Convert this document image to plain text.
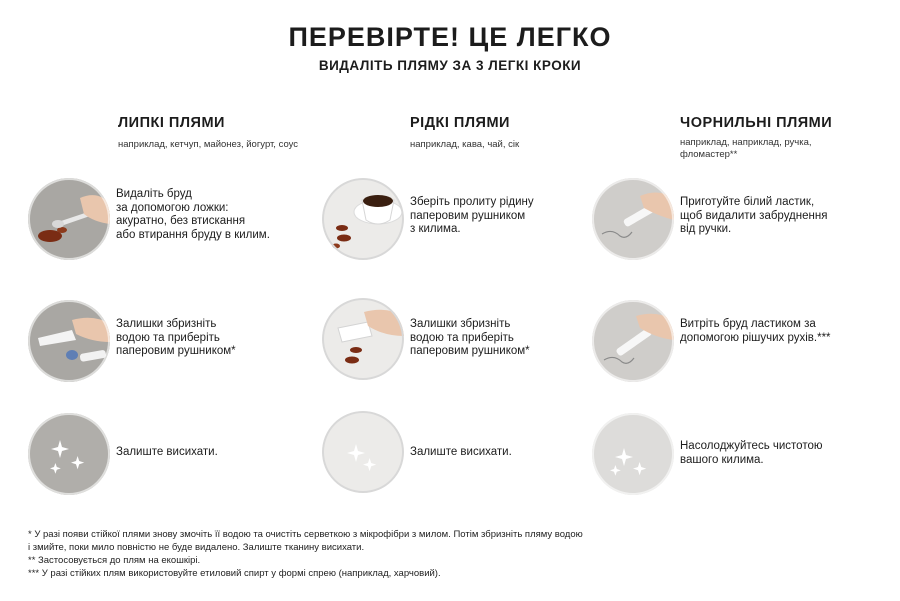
ПЕРЕВІРТЕ! ЦЕ ЛЕГКО
ВИДАЛІТЬ ПЛЯМУ ЗА 3 ЛЕГКІ КРОКИ
ЛИПКІ ПЛЯМИ
наприклад, кетчуп, майонез, йогурт, соус
РІДКІ ПЛЯМИ
наприклад, кава, чай, сік
ЧОРНИЛЬНІ ПЛЯМИ
наприклад, наприклад, ручка,
фломастер**
Видаліть бруд
за допомогою ложки:
акуратно, без втискання
або втирання бруду в килим.
Залишки збризніть
водою та приберіть
паперовим рушником*
Залиште висихати.
Зберіть пролиту рідину
паперовим рушником
з килима.
Залишки збризніть
водою та приберіть
паперовим рушником*
Залиште висихати.
Приготуйте білий ластик,
щоб видалити забруднення
від ручки.
Витріть бруд ластиком за
допомогою рішучих рухів.***
Насолоджуйтесь чистотою
вашого килима.
* У разі появи стійкої плями знову змочіть її водою та очистіть серветкою з мікрофібри з милом. Потім збризніть пляму водою
і змийте, поки мило повністю не буде видалено. Залиште тканину висихати.
** Застосовується до плям на екошкірі.
*** У разі стійких плям використовуйте етиловий спирт у формі спрею (наприклад, харчовий).
